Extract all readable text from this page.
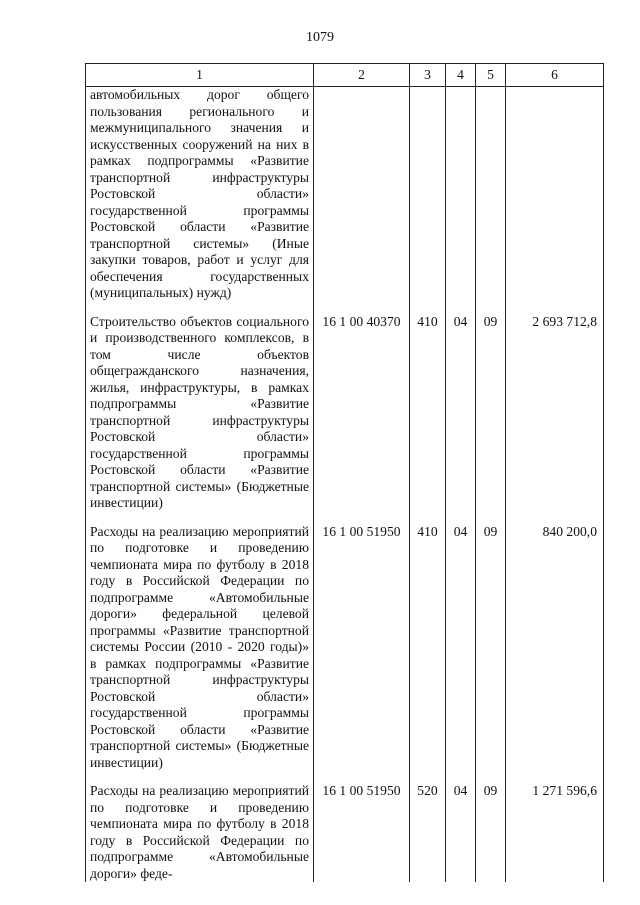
1079
1	2	3	4	5	6
автомобильных дорог общего пользования регионального и межмуниципального значения и искусственных сооружений на них в рамках подпрограммы «Развитие транспортной инфраструктуры Ростовской области» государственной программы Ростовской области «Развитие транспортной системы» (Иные закупки товаров, работ и услуг для обеспечения государственных (муниципальных) нужд)					
Строительство объектов социального и производственного комплексов, в том числе объектов общегражданского назначения, жилья, инфраструктуры, в рамках подпрограммы «Развитие транспортной инфраструктуры Ростовской области» государственной программы Ростовской области «Развитие транспортной системы» (Бюджетные инвестиции)	16 1 00 40370	410	04	09	2 693 712,8
Расходы на реализацию мероприятий по подготовке и проведению чемпионата мира по футболу в 2018 году в Российской Федерации по подпрограмме «Автомобильные дороги» федеральной целевой программы «Развитие транспортной системы России (2010 - 2020 годы)» в рамках подпрограммы «Развитие транспортной инфраструктуры Ростовской области» государственной программы Ростовской области «Развитие транспортной системы» (Бюджетные инвестиции)	16 1 00 51950	410	04	09	840 200,0
Расходы на реализацию мероприятий по подготовке и проведению чемпионата мира по футболу в 2018 году в Российской Федерации по подпрограмме «Автомобильные дороги» феде-	16 1 00 51950	520	04	09	1 271 596,6
